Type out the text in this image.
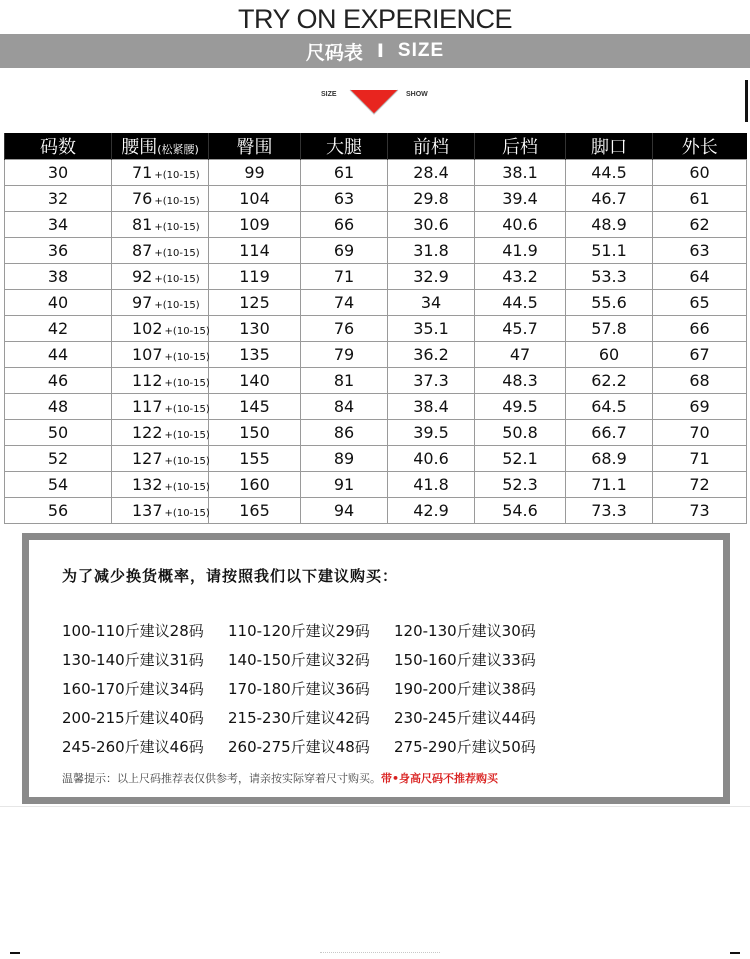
TRY ON EXPERIENCE
尺码表 I SIZE
SIZE	SHOW
码数	腰围(松紧腰)	臀围	大腿	前档	后档	脚口	外长
30	71 +(10-15)	99	61	28.4	38.1	44.5	60
32	76 +(10-15)	104	63	29.8	39.4	46.7	61
34	81 +(10-15)	109	66	30.6	40.6	48.9	62
36	87 +(10-15)	114	69	31.8	41.9	51.1	63
38	92 +(10-15)	119	71	32.9	43.2	53.3	64
40	97 +(10-15)	125	74	34	44.5	55.6	65
42	102 +(10-15)	130	76	35.1	45.7	57.8	66
44	107 +(10-15)	135	79	36.2	47	60	67
46	112 +(10-15)	140	81	37.3	48.3	62.2	68
48	117 +(10-15)	145	84	38.4	49.5	64.5	69
50	122 +(10-15)	150	86	39.5	50.8	66.7	70
52	127 +(10-15)	155	89	40.6	52.1	68.9	71
54	132 +(10-15)	160	91	41.8	52.3	71.1	72
56	137 +(10-15)	165	94	42.9	54.6	73.3	73
为了减少换货概率，请按照我们以下建议购买：
100-110斤建议28码	110-120斤建议29码	120-130斤建议30码
130-140斤建议31码	140-150斤建议32码	150-160斤建议33码
160-170斤建议34码	170-180斤建议36码	190-200斤建议38码
200-215斤建议40码	215-230斤建议42码	230-245斤建议44码
245-260斤建议46码	260-275斤建议48码	275-290斤建议50码
温馨提示：以上尺码推荐表仅供参考，请亲按实际穿着尺寸购买。带•身高尺码不推荐购买
